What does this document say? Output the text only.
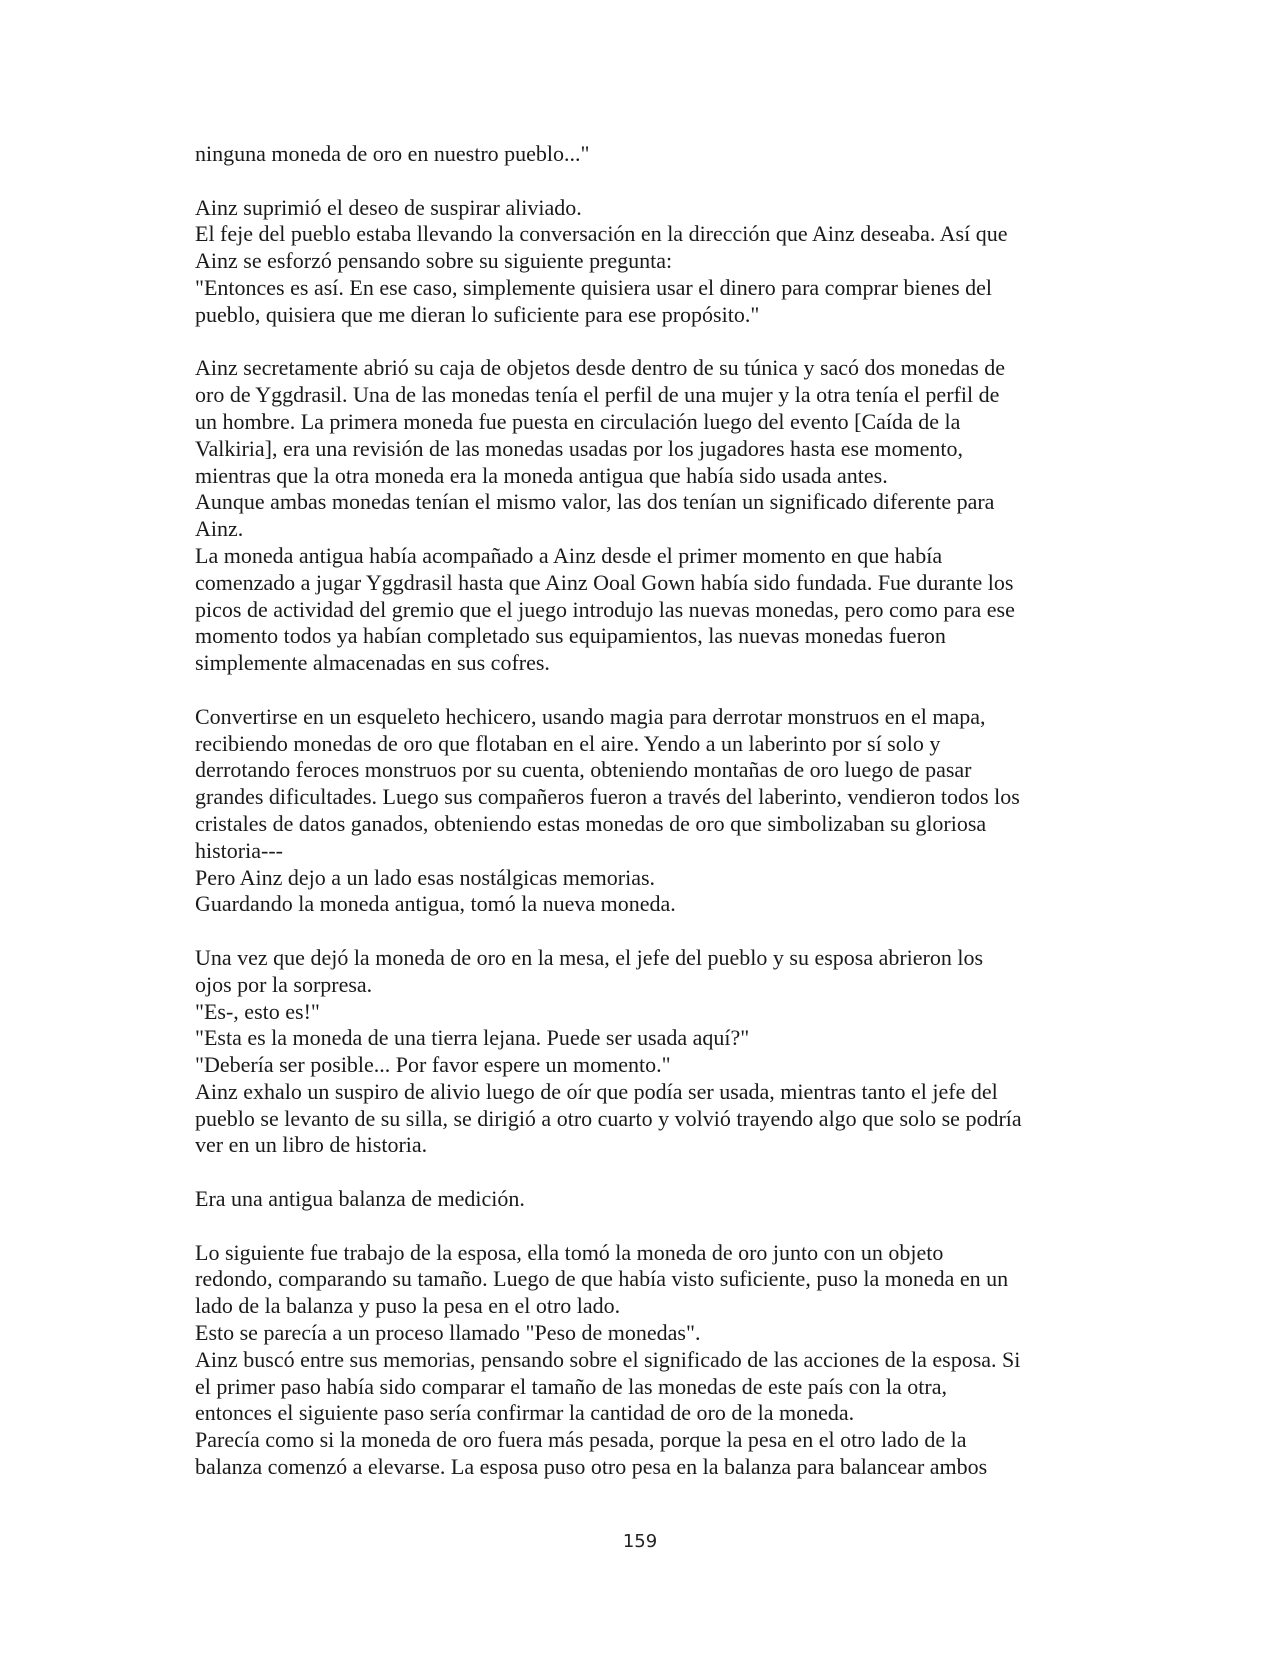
ninguna moneda de oro en nuestro pueblo..."
Ainz suprimió el deseo de suspirar aliviado.
El feje del pueblo estaba llevando la conversación en la dirección que Ainz deseaba. Así que
Ainz se esforzó pensando sobre su siguiente pregunta:
"Entonces es así. En ese caso, simplemente quisiera usar el dinero para comprar bienes del
pueblo, quisiera que me dieran lo suficiente para ese propósito."
Ainz secretamente abrió su caja de objetos desde dentro de su túnica y sacó dos monedas de
oro de Yggdrasil. Una de las monedas tenía el perfil de una mujer y la otra tenía el perfil de
un hombre. La primera moneda fue puesta en circulación luego del evento [Caída de la
Valkiria], era una revisión de las monedas usadas por los jugadores hasta ese momento,
mientras que la otra moneda era la moneda antigua que había sido usada antes.
Aunque ambas monedas tenían el mismo valor, las dos tenían un significado diferente para
Ainz.
La moneda antigua había acompañado a Ainz desde el primer momento en que había
comenzado a jugar Yggdrasil hasta que Ainz Ooal Gown había sido fundada. Fue durante los
picos de actividad del gremio que el juego introdujo las nuevas monedas, pero como para ese
momento todos ya habían completado sus equipamientos, las nuevas monedas fueron
simplemente almacenadas en sus cofres.
Convertirse en un esqueleto hechicero, usando magia para derrotar monstruos en el mapa,
recibiendo monedas de oro que flotaban en el aire. Yendo a un laberinto por sí solo y
derrotando feroces monstruos por su cuenta, obteniendo montañas de oro luego de pasar
grandes dificultades. Luego sus compañeros fueron a través del laberinto, vendieron todos los
cristales de datos ganados, obteniendo estas monedas de oro que simbolizaban su gloriosa
historia---
Pero Ainz dejo a un lado esas nostálgicas memorias.
Guardando la moneda antigua, tomó la nueva moneda.
Una vez que dejó la moneda de oro en la mesa, el jefe del pueblo y su esposa abrieron los
ojos por la sorpresa.
"Es-, esto es!"
"Esta es la moneda de una tierra lejana. Puede ser usada aquí?"
"Debería ser posible... Por favor espere un momento."
Ainz exhalo un suspiro de alivio luego de oír que podía ser usada, mientras tanto el jefe del
pueblo se levanto de su silla, se dirigió a otro cuarto y volvió trayendo algo que solo se podría
ver en un libro de historia.
Era una antigua balanza de medición.
Lo siguiente fue trabajo de la esposa, ella tomó la moneda de oro junto con un objeto
redondo, comparando su tamaño. Luego de que había visto suficiente, puso la moneda en un
lado de la balanza y puso la pesa en el otro lado.
Esto se parecía a un proceso llamado "Peso de monedas".
Ainz buscó entre sus memorias, pensando sobre el significado de las acciones de la esposa. Si
el primer paso había sido comparar el tamaño de las monedas de este país con la otra,
entonces el siguiente paso sería confirmar la cantidad de oro de la moneda.
Parecía como si la moneda de oro fuera más pesada, porque la pesa en el otro lado de la
balanza comenzó a elevarse. La esposa puso otro pesa en la balanza para balancear ambos
159
